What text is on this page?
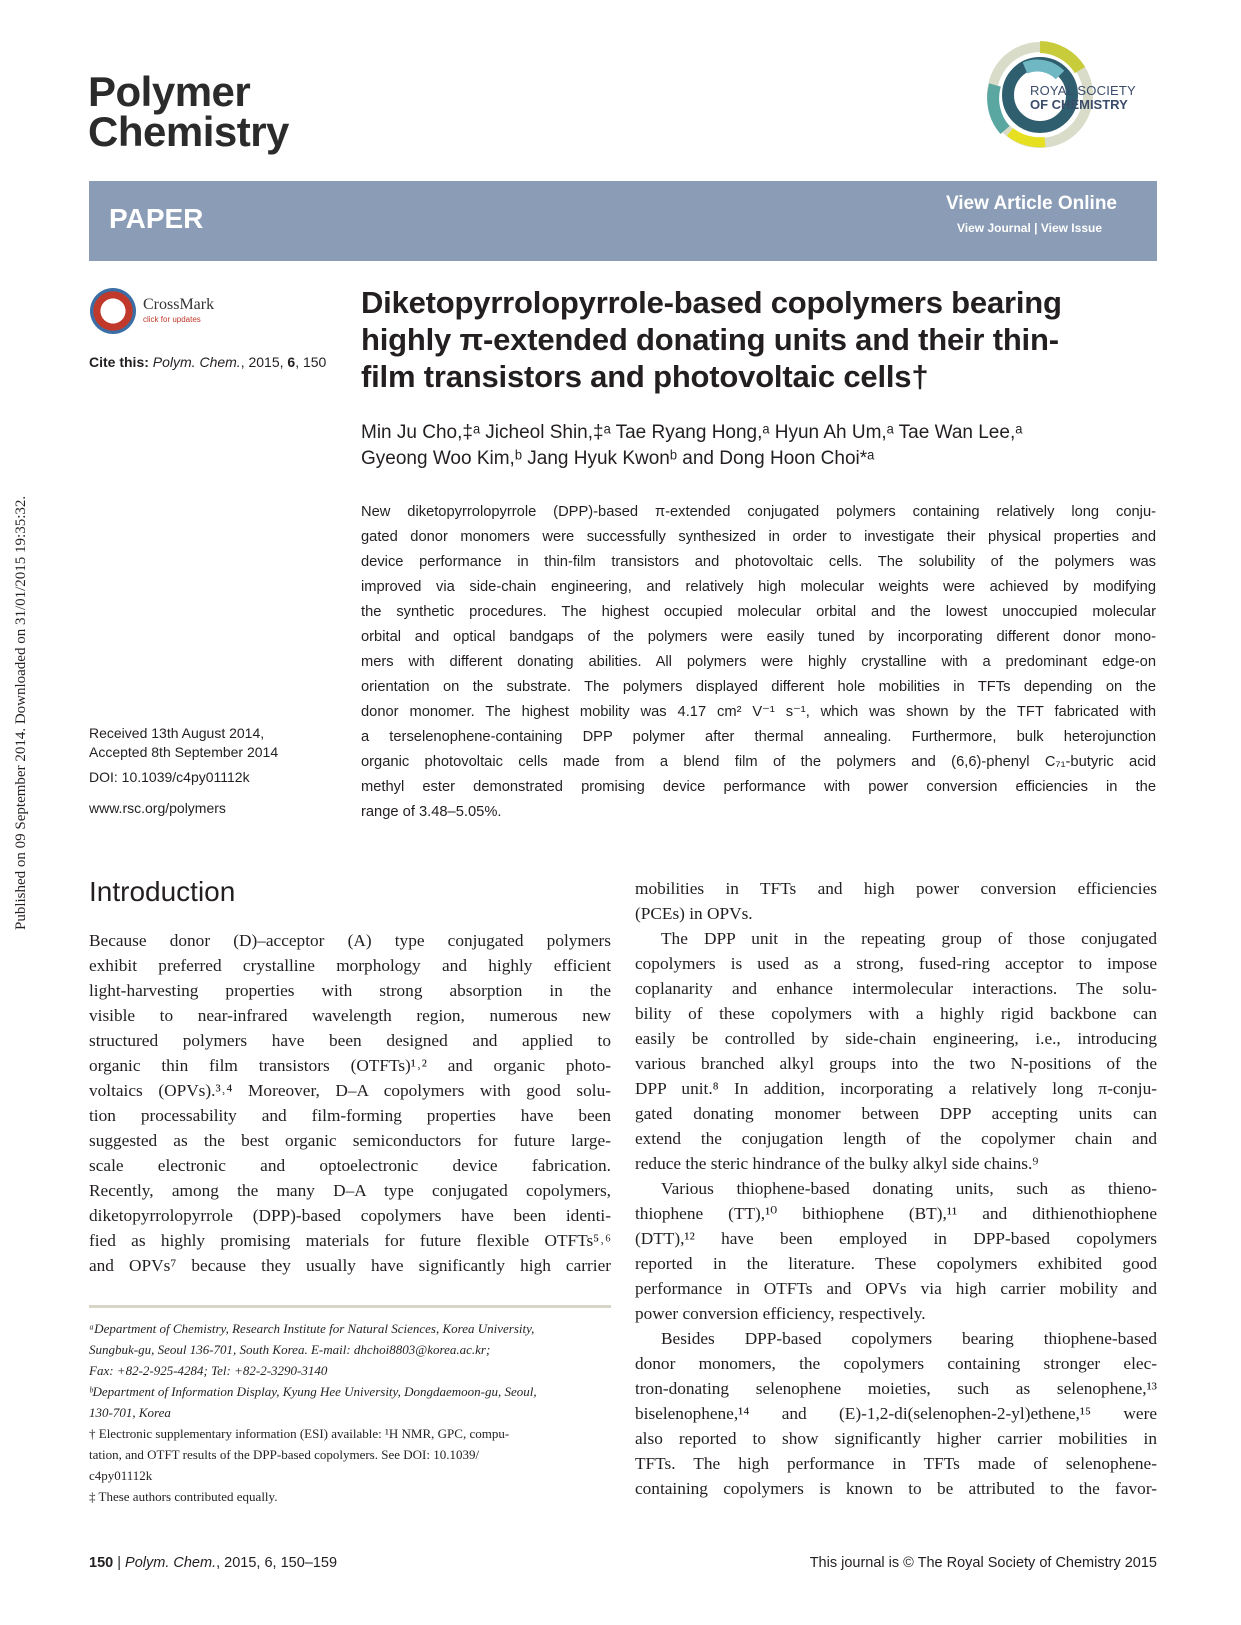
Polymer
Chemistry
ROYAL SOCIETY
OF CHEMISTRY
PAPER	View Article Online
View Journal | View Issue
CrossMark
click for updates
Cite this: Polym. Chem., 2015, 6, 150
Published on 09 September 2014. Downloaded on 31/01/2015 19:35:32.
Diketopyrrolopyrrole-based copolymers bearing
highly π-extended donating units and their thin-
film transistors and photovoltaic cells†
Min Ju Cho,‡ᵃ Jicheol Shin,‡ᵃ Tae Ryang Hong,ᵃ Hyun Ah Um,ᵃ Tae Wan Lee,ᵃ
Gyeong Woo Kim,ᵇ Jang Hyuk Kwonᵇ and Dong Hoon Choi*ᵃ
New diketopyrrolopyrrole (DPP)-based π-extended conjugated polymers containing relatively long conju-
gated donor monomers were successfully synthesized in order to investigate their physical properties and
device performance in thin-film transistors and photovoltaic cells. The solubility of the polymers was
improved via side-chain engineering, and relatively high molecular weights were achieved by modifying
the synthetic procedures. The highest occupied molecular orbital and the lowest unoccupied molecular
orbital and optical bandgaps of the polymers were easily tuned by incorporating different donor mono-
mers with different donating abilities. All polymers were highly crystalline with a predominant edge-on
orientation on the substrate. The polymers displayed different hole mobilities in TFTs depending on the
donor monomer. The highest mobility was 4.17 cm² V⁻¹ s⁻¹, which was shown by the TFT fabricated with
a terselenophene-containing DPP polymer after thermal annealing. Furthermore, bulk heterojunction
organic photovoltaic cells made from a blend film of the polymers and (6,6)-phenyl C₇₁-butyric acid
methyl ester demonstrated promising device performance with power conversion efficiencies in the
range of 3.48–5.05%.
Received 13th August 2014,
Accepted 8th September 2014
DOI: 10.1039/c4py01112k
www.rsc.org/polymers
Introduction
Because donor (D)–acceptor (A) type conjugated polymers
exhibit preferred crystalline morphology and highly efficient
light-harvesting properties with strong absorption in the
visible to near-infrared wavelength region, numerous new
structured polymers have been designed and applied to
organic thin film transistors (OTFTs)¹˒² and organic photo-
voltaics (OPVs).³˒⁴ Moreover, D–A copolymers with good solu-
tion processability and film-forming properties have been
suggested as the best organic semiconductors for future large-
scale electronic and optoelectronic device fabrication.
Recently, among the many D–A type conjugated copolymers,
diketopyrrolopyrrole (DPP)-based copolymers have been identi-
fied as highly promising materials for future flexible OTFTs⁵˒⁶
and OPVs⁷ because they usually have significantly high carrier
ᵃDepartment of Chemistry, Research Institute for Natural Sciences, Korea University,
Sungbuk-gu, Seoul 136-701, South Korea. E-mail: dhchoi8803@korea.ac.kr;
Fax: +82-2-925-4284; Tel: +82-2-3290-3140
ᵇDepartment of Information Display, Kyung Hee University, Dongdaemoon-gu, Seoul,
130-701, Korea
† Electronic supplementary information (ESI) available: ¹H NMR, GPC, compu-
tation, and OTFT results of the DPP-based copolymers. See DOI: 10.1039/
c4py01112k
‡ These authors contributed equally.
mobilities in TFTs and high power conversion efficiencies
(PCEs) in OPVs.
The DPP unit in the repeating group of those conjugated
copolymers is used as a strong, fused-ring acceptor to impose
coplanarity and enhance intermolecular interactions. The solu-
bility of these copolymers with a highly rigid backbone can
easily be controlled by side-chain engineering, i.e., introducing
various branched alkyl groups into the two N-positions of the
DPP unit.⁸ In addition, incorporating a relatively long π-conju-
gated donating monomer between DPP accepting units can
extend the conjugation length of the copolymer chain and
reduce the steric hindrance of the bulky alkyl side chains.⁹
Various thiophene-based donating units, such as thieno-
thiophene (TT),¹⁰ bithiophene (BT),¹¹ and dithienothiophene
(DTT),¹² have been employed in DPP-based copolymers
reported in the literature. These copolymers exhibited good
performance in OTFTs and OPVs via high carrier mobility and
power conversion efficiency, respectively.
Besides DPP-based copolymers bearing thiophene-based
donor monomers, the copolymers containing stronger elec-
tron-donating selenophene moieties, such as selenophene,¹³
biselenophene,¹⁴ and (E)-1,2-di(selenophen-2-yl)ethene,¹⁵ were
also reported to show significantly higher carrier mobilities in
TFTs. The high performance in TFTs made of selenophene-
containing copolymers is known to be attributed to the favor-
150 | Polym. Chem., 2015, 6, 150–159	This journal is © The Royal Society of Chemistry 2015
